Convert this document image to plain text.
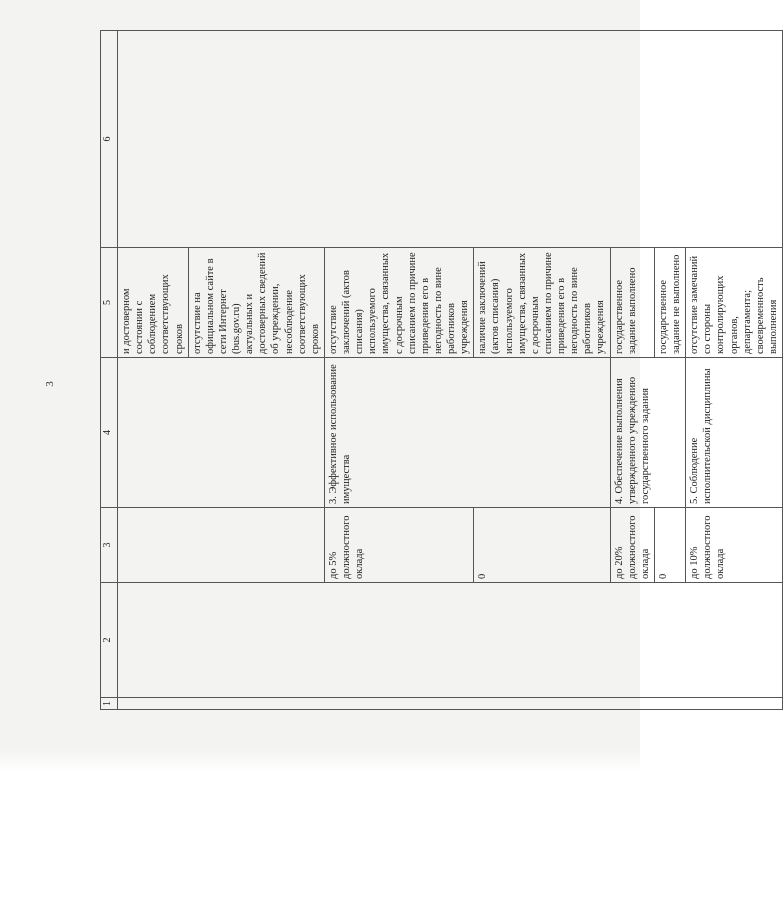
3
1	2	3	4	5	6
				и достоверном состоянии с соблюдением соответствующих сроков	
				отсутствие на официальном сайте в сети Интернет (bus.gov.ru) актуальных и достоверных сведений об учреждении, несоблюдение соответствующих сроков	
		до 5% должностного оклада	3. Эффективное использование имущества	отсутствие заключений (актов списания) используемого имущества, связанных с досрочным списанием по причине приведения его в негодность по вине работников учреждения	
		0		наличие заключений (актов списания) используемого имущества, связанных с досрочным списанием по причине приведения его в негодность по вине работников учреждения	
		до 20% должностного оклада	4. Обеспечение выполнения утвержденного учреждению государственного задания	государственное задание выполнено	
		0		государственное задание не выполнено	
		до 10% должностного оклада	5. Соблюдение исполнительской дисциплины	отсутствие замечаний со стороны контролирующих органов, департамента; своевременность выполнения	
